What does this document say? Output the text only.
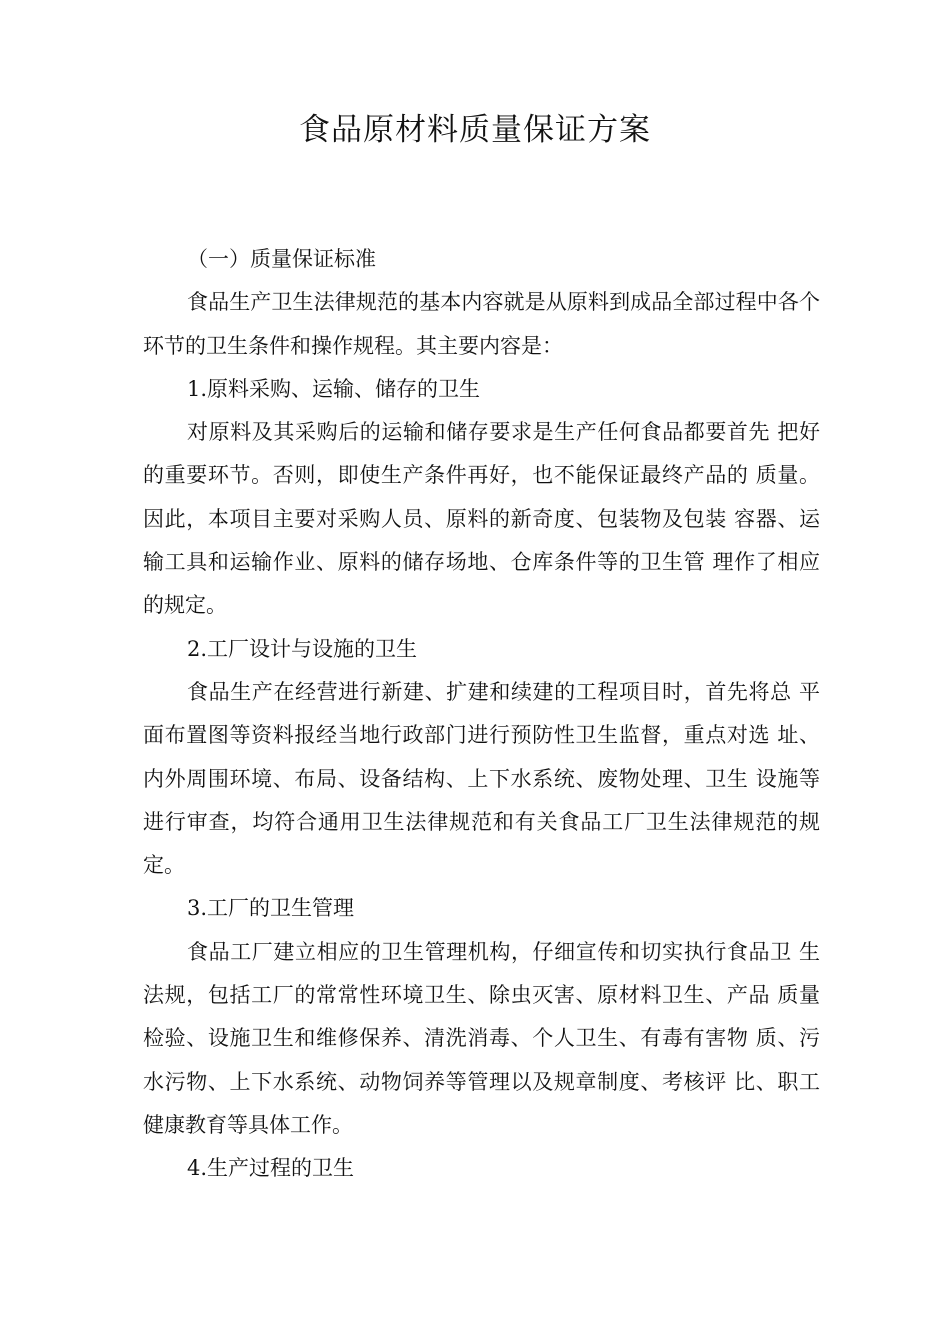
食品原材料质量保证方案

（一）质量保证标准

食品生产卫生法律规范的基本内容就是从原料到成品全部过程中各个环节的卫生条件和操作规程。其主要内容是：

1.原料采购、运输、储存的卫生

对原料及其采购后的运输和储存要求是生产任何食品都要首先 把好的重要环节。否则，即使生产条件再好，也不能保证最终产品的 质量。因此，本项目主要对采购人员、原料的新奇度、包装物及包装 容器、运输工具和运输作业、原料的储存场地、仓库条件等的卫生管 理作了相应的规定。

2.工厂设计与设施的卫生

食品生产在经营进行新建、扩建和续建的工程项目时，首先将总 平面布置图等资料报经当地行政部门进行预防性卫生监督，重点对选 址、内外周围环境、布局、设备结构、上下水系统、废物处理、卫生 设施等进行审查，均符合通用卫生法律规范和有关食品工厂卫生法律规范的规定。

3.工厂的卫生管理

食品工厂建立相应的卫生管理机构，仔细宣传和切实执行食品卫 生法规，包括工厂的常常性环境卫生、除虫灭害、原材料卫生、产品 质量检验、设施卫生和维修保养、清洗消毒、个人卫生、有毒有害物 质、污水污物、上下水系统、动物饲养等管理以及规章制度、考核评 比、职工健康教育等具体工作。

4.生产过程的卫生
